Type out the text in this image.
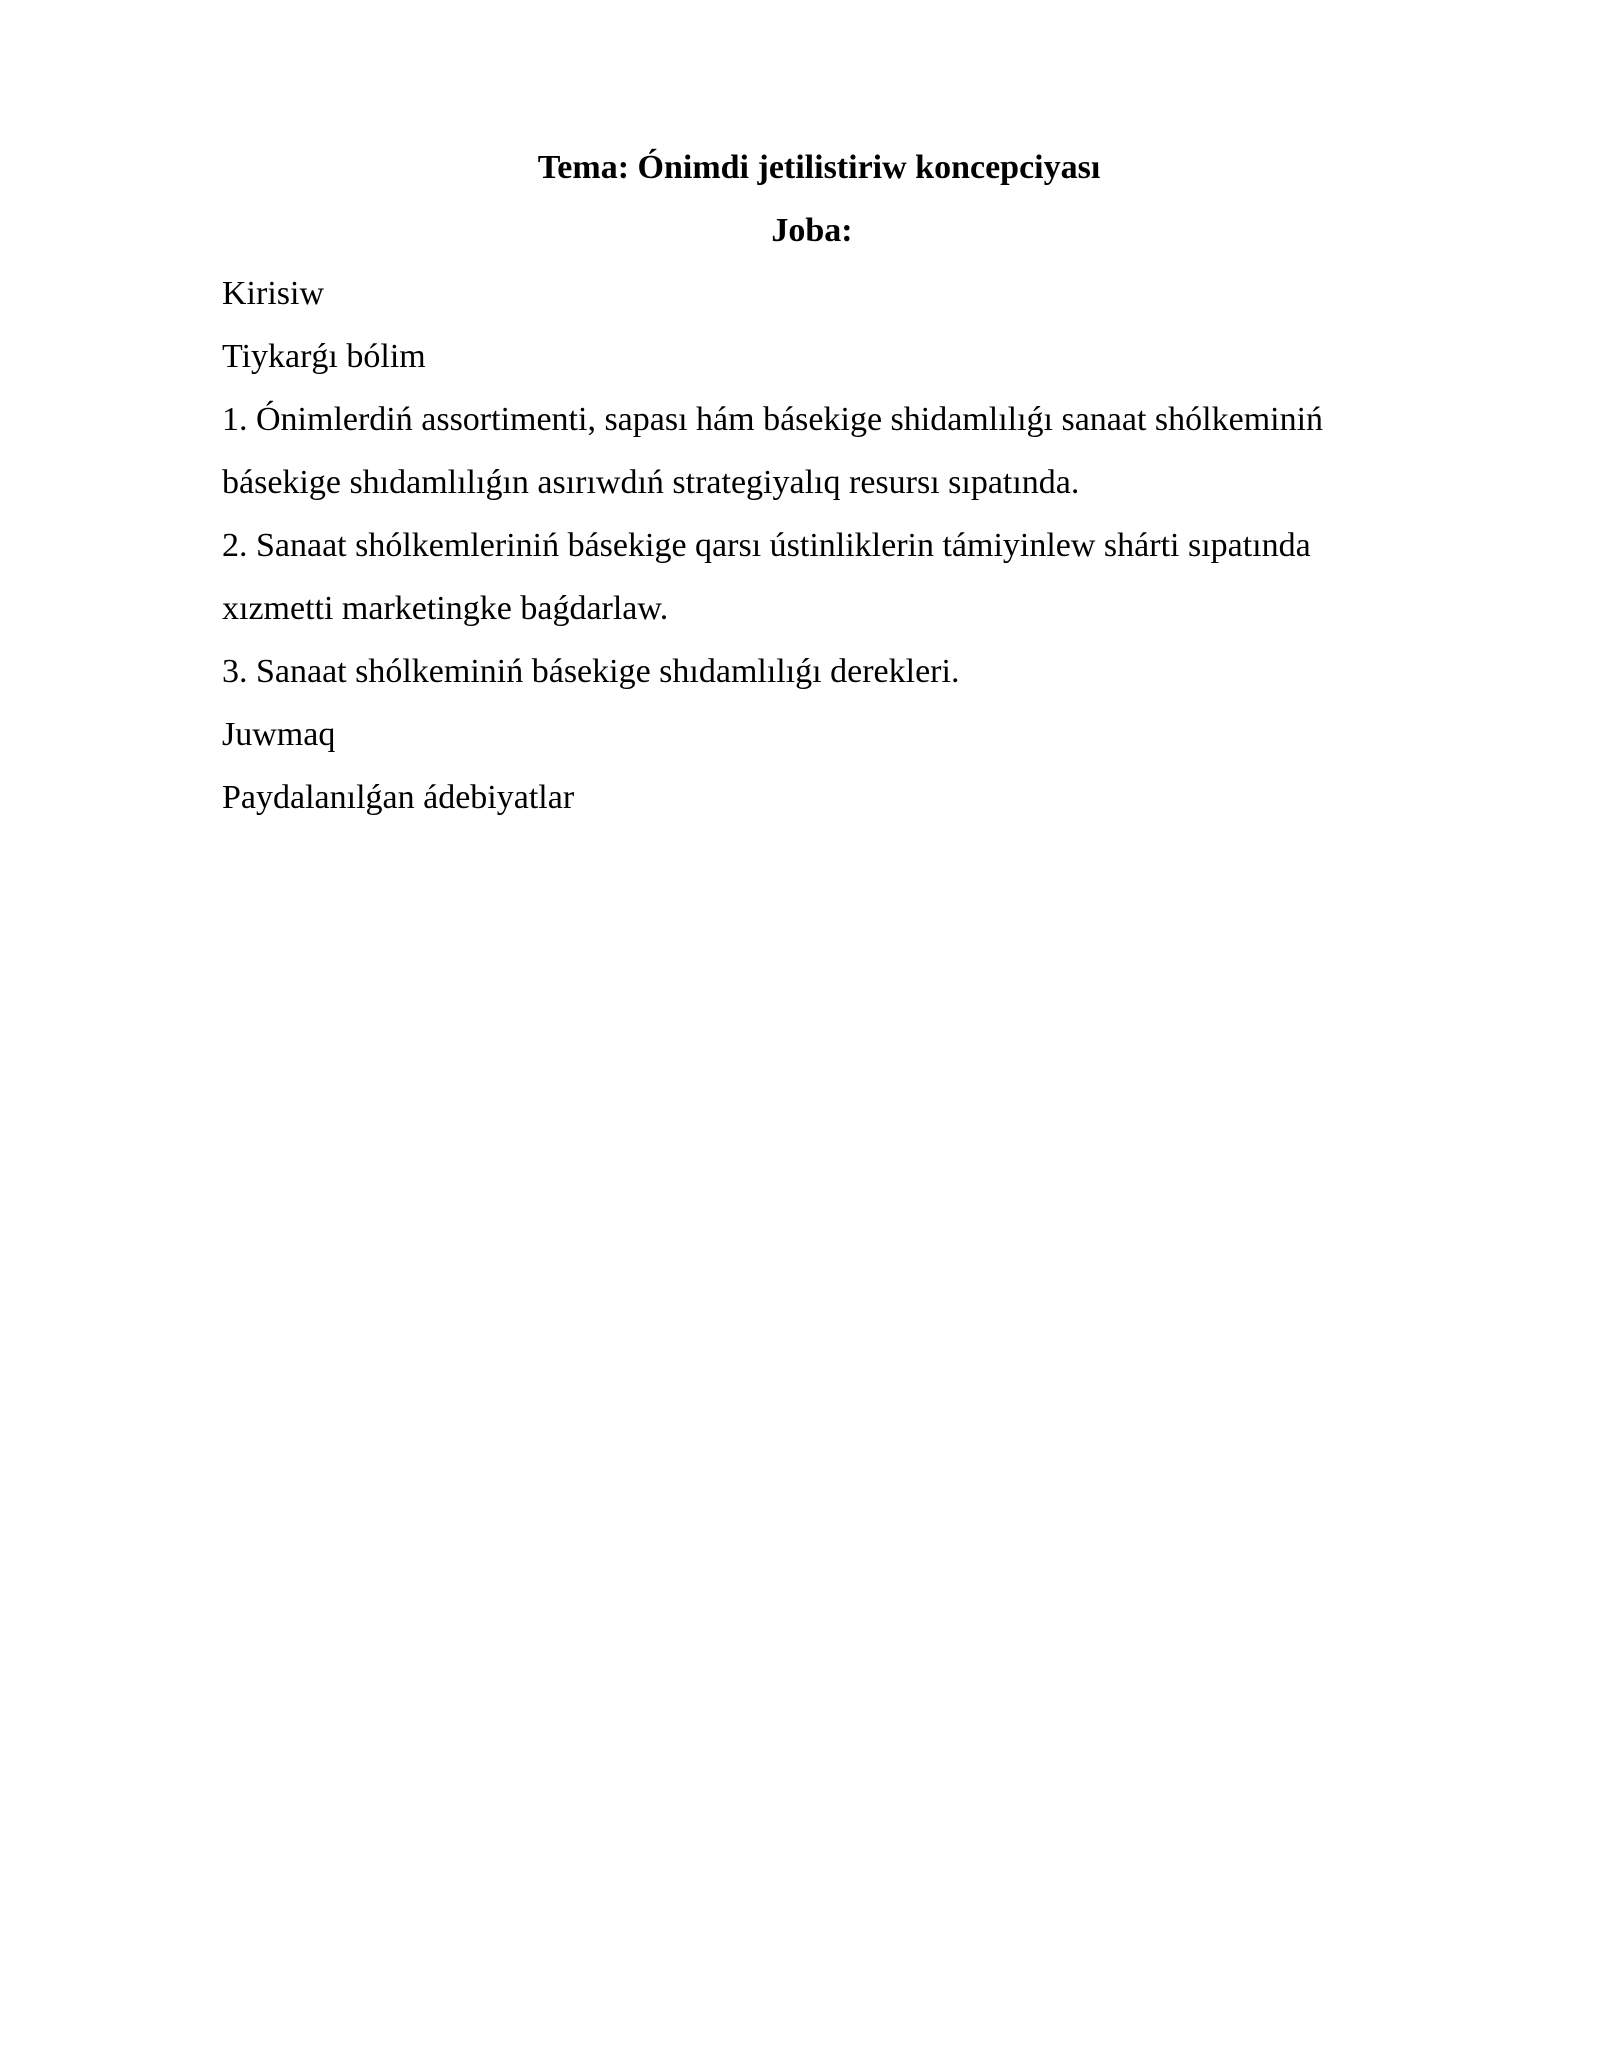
Tema: Ónimdi jetilistiriw koncepciyası

Joba:

Kirisiw

Tiykarǵı bólim

1. Ónimlerdiń assortimenti, sapası hám básekige shidamlılıǵı sanaat shólkeminiń

básekige shıdamlılıǵın asırıwdıń strategiyalıq resursı sıpatında.

2. Sanaat shólkemleriniń básekige qarsı ústinliklerin támiyinlew shárti sıpatında

xızmetti marketingke baǵdarlaw.

3. Sanaat shólkeminiń básekige shıdamlılıǵı derekleri.

Juwmaq

Paydalanılǵan ádebiyatlar
